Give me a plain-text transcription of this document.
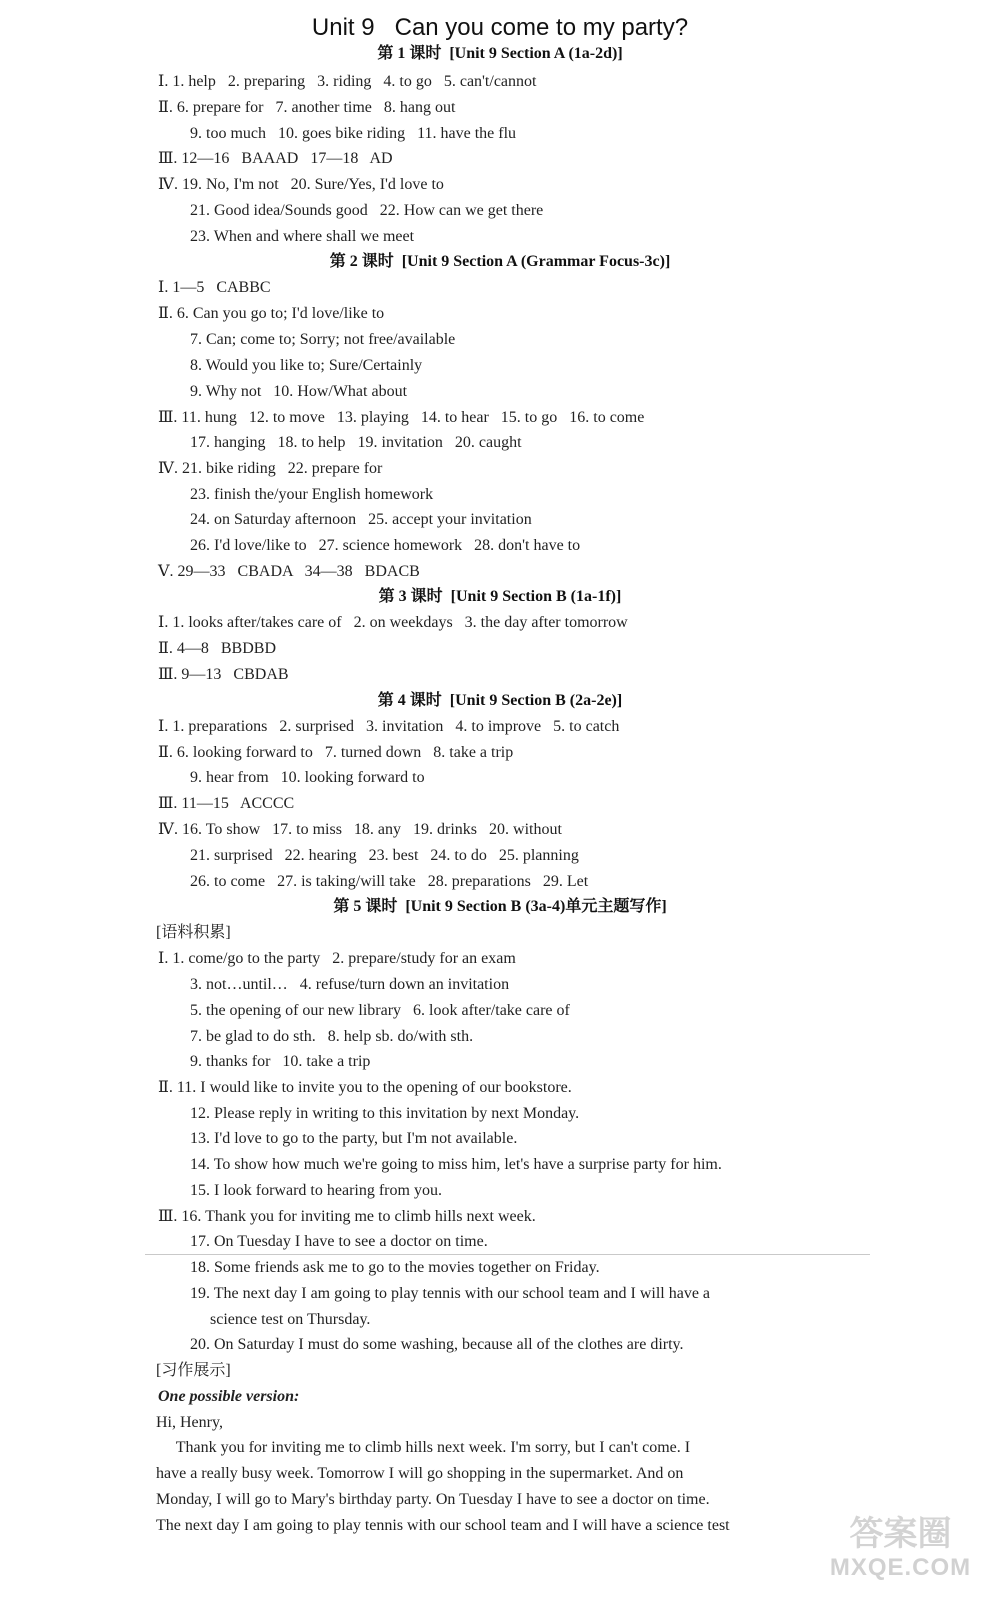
Unit 9   Can you come to my party?
第 1 课时  [Unit 9 Section A (1a-2d)]
Ⅰ. 1. help   2. preparing   3. riding   4. to go   5. can't/cannot
Ⅱ. 6. prepare for   7. another time   8. hang out
9. too much   10. goes bike riding   11. have the flu
Ⅲ. 12—16   BAAAD   17—18   AD
Ⅳ. 19. No, I'm not   20. Sure/Yes, I'd love to
21. Good idea/Sounds good   22. How can we get there
23. When and where shall we meet
第 2 课时  [Unit 9 Section A (Grammar Focus-3c)]
Ⅰ. 1—5   CABBC
Ⅱ. 6. Can you go to; I'd love/like to
7. Can; come to; Sorry; not free/available
8. Would you like to; Sure/Certainly
9. Why not   10. How/What about
Ⅲ. 11. hung   12. to move   13. playing   14. to hear   15. to go   16. to come
17. hanging   18. to help   19. invitation   20. caught
Ⅳ. 21. bike riding   22. prepare for
23. finish the/your English homework
24. on Saturday afternoon   25. accept your invitation
26. I'd love/like to   27. science homework   28. don't have to
Ⅴ. 29—33   CBADA   34—38   BDACB
第 3 课时  [Unit 9 Section B (1a-1f)]
Ⅰ. 1. looks after/takes care of   2. on weekdays   3. the day after tomorrow
Ⅱ. 4—8   BBDBD
Ⅲ. 9—13   CBDAB
第 4 课时  [Unit 9 Section B (2a-2e)]
Ⅰ. 1. preparations   2. surprised   3. invitation   4. to improve   5. to catch
Ⅱ. 6. looking forward to   7. turned down   8. take a trip
9. hear from   10. looking forward to
Ⅲ. 11—15   ACCCC
Ⅳ. 16. To show   17. to miss   18. any   19. drinks   20. without
21. surprised   22. hearing   23. best   24. to do   25. planning
26. to come   27. is taking/will take   28. preparations   29. Let
第 5 课时  [Unit 9 Section B (3a-4)单元主题写作]
[语料积累]
Ⅰ. 1. come/go to the party   2. prepare/study for an exam
3. not…until…   4. refuse/turn down an invitation
5. the opening of our new library   6. look after/take care of
7. be glad to do sth.   8. help sb. do/with sth.
9. thanks for   10. take a trip
Ⅱ. 11. I would like to invite you to the opening of our bookstore.
12. Please reply in writing to this invitation by next Monday.
13. I'd love to go to the party, but I'm not available.
14. To show how much we're going to miss him, let's have a surprise party for him.
15. I look forward to hearing from you.
Ⅲ. 16. Thank you for inviting me to climb hills next week.
17. On Tuesday I have to see a doctor on time.
18. Some friends ask me to go to the movies together on Friday.
19. The next day I am going to play tennis with our school team and I will have a
science test on Thursday.
20. On Saturday I must do some washing, because all of the clothes are dirty.
[习作展示]
One possible version:
Hi, Henry,
Thank you for inviting me to climb hills next week. I'm sorry, but I can't come. I
have a really busy week. Tomorrow I will go shopping in the supermarket. And on
Monday, I will go to Mary's birthday party. On Tuesday I have to see a doctor on time.
The next day I am going to play tennis with our school team and I will have a science test	答案圈
MXQE.COM
